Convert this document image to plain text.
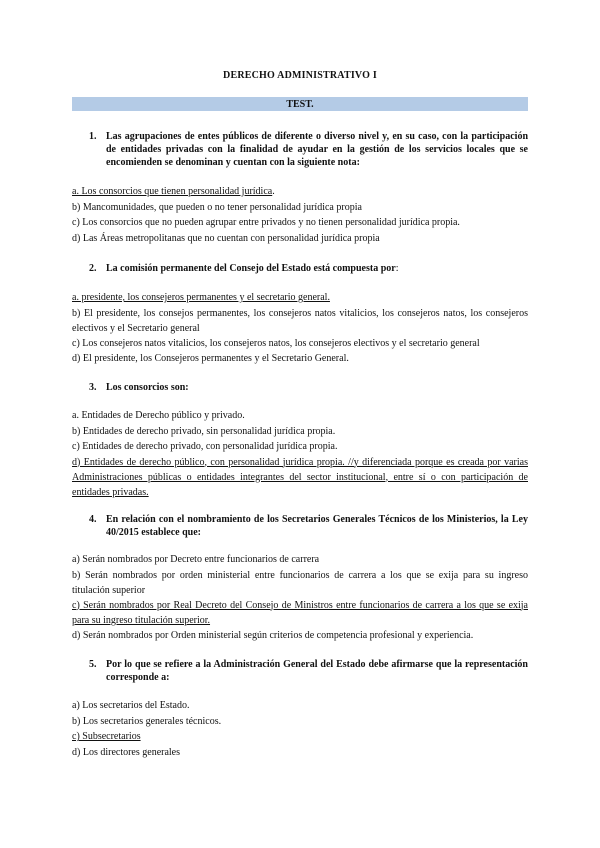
DERECHO ADMINISTRATIVO I
TEST.
1. Las agrupaciones de entes públicos de diferente o diverso nivel y, en su caso, con la participación de entidades privadas con la finalidad de ayudar en la gestión de los servicios locales que se encomienden se denominan y cuentan con la siguiente nota:
a. Los consorcios que tienen personalidad jurídica.
b) Mancomunidades, que pueden o no tener personalidad jurídica propia
c) Los consorcios que no pueden agrupar entre privados y no tienen personalidad jurídica propia.
d) Las Áreas metropolitanas que no cuentan con personalidad jurídica propia
2. La comisión permanente del Consejo del Estado está compuesta por:
a. presidente, los consejeros permanentes y el secretario general.
b) El presidente, los consejos permanentes, los consejeros natos vitalicios, los consejeros natos, los consejeros electivos y el Secretario general
c) Los consejeros natos vitalicios, los consejeros natos, los consejeros electivos y el secretario general
d) El presidente, los Consejeros permanentes y el Secretario General.
3. Los consorcios son:
a. Entidades de Derecho público y privado.
b) Entidades de derecho privado, sin personalidad jurídica propia.
c) Entidades de derecho privado, con personalidad jurídica propia.
d) Entidades de derecho público, con personalidad jurídica propia. //y diferenciada porque es creada por varias Administraciones públicas o entidades integrantes del sector institucional, entre sí o con participación de entidades privadas.
4. En relación con el nombramiento de los Secretarios Generales Técnicos de los Ministerios, la Ley 40/2015 establece que:
a) Serán nombrados por Decreto entre funcionarios de carrera
b) Serán nombrados por orden ministerial entre funcionarios de carrera a los que se exija para su ingreso titulación superior
c) Serán nombrados por Real Decreto del Consejo de Ministros entre funcionarios de carrera a los que se exija para su ingreso titulación superior.
d) Serán nombrados por Orden ministerial según criterios de competencia profesional y experiencia.
5. Por lo que se refiere a la Administración General del Estado debe afirmarse que la representación corresponde a:
a) Los secretarios del Estado.
b) Los secretarios generales técnicos.
c) Subsecretarios
d) Los directores generales
